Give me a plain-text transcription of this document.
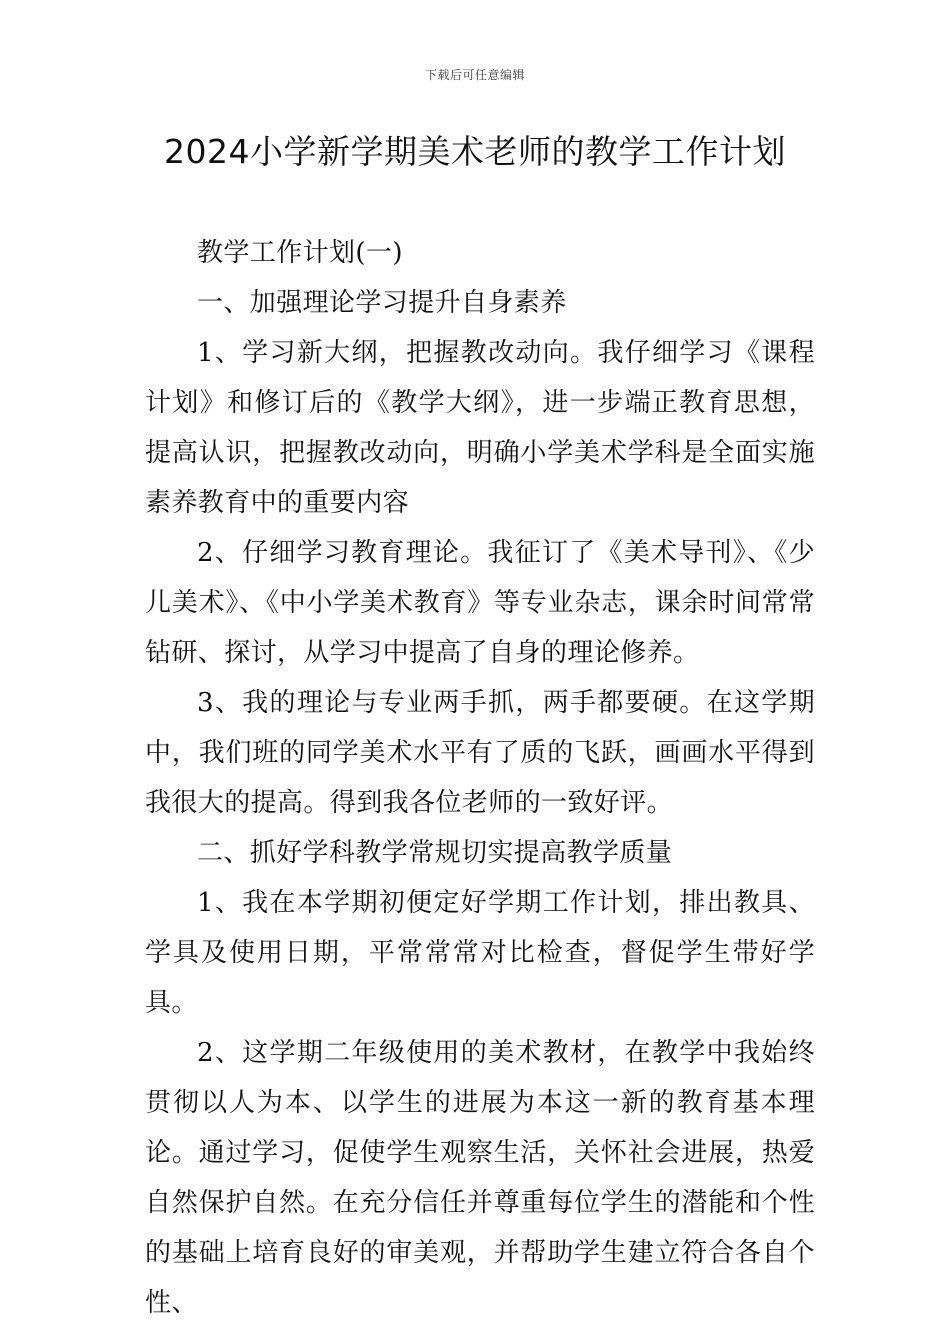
下载后可任意编辑
2024小学新学期美术老师的教学工作计划

教学工作计划(一)

一、加强理论学习提升自身素养

1、学习新大纲，把握教改动向。我仔细学习《课程计划》和修订后的《教学大纲》，进一步端正教育思想，提高认识，把握教改动向，明确小学美术学科是全面实施素养教育中的重要内容

2、仔细学习教育理论。我征订了《美术导刊》、《少儿美术》、《中小学美术教育》等专业杂志，课余时间常常钻研、探讨，从学习中提高了自身的理论修养。

3、我的理论与专业两手抓，两手都要硬。在这学期中，我们班的同学美术水平有了质的飞跃，画画水平得到我很大的提高。得到我各位老师的一致好评。

二、抓好学科教学常规切实提高教学质量

1、我在本学期初便定好学期工作计划，排出教具、学具及使用日期，平常常常对比检查，督促学生带好学具。

2、这学期二年级使用的美术教材，在教学中我始终贯彻以人为本、以学生的进展为本这一新的教育基本理论。通过学习，促使学生观察生活，关怀社会进展，热爱自然保护自然。在充分信任并尊重每位学生的潜能和个性的基础上培育良好的审美观，并帮助学生建立符合各自个性、
